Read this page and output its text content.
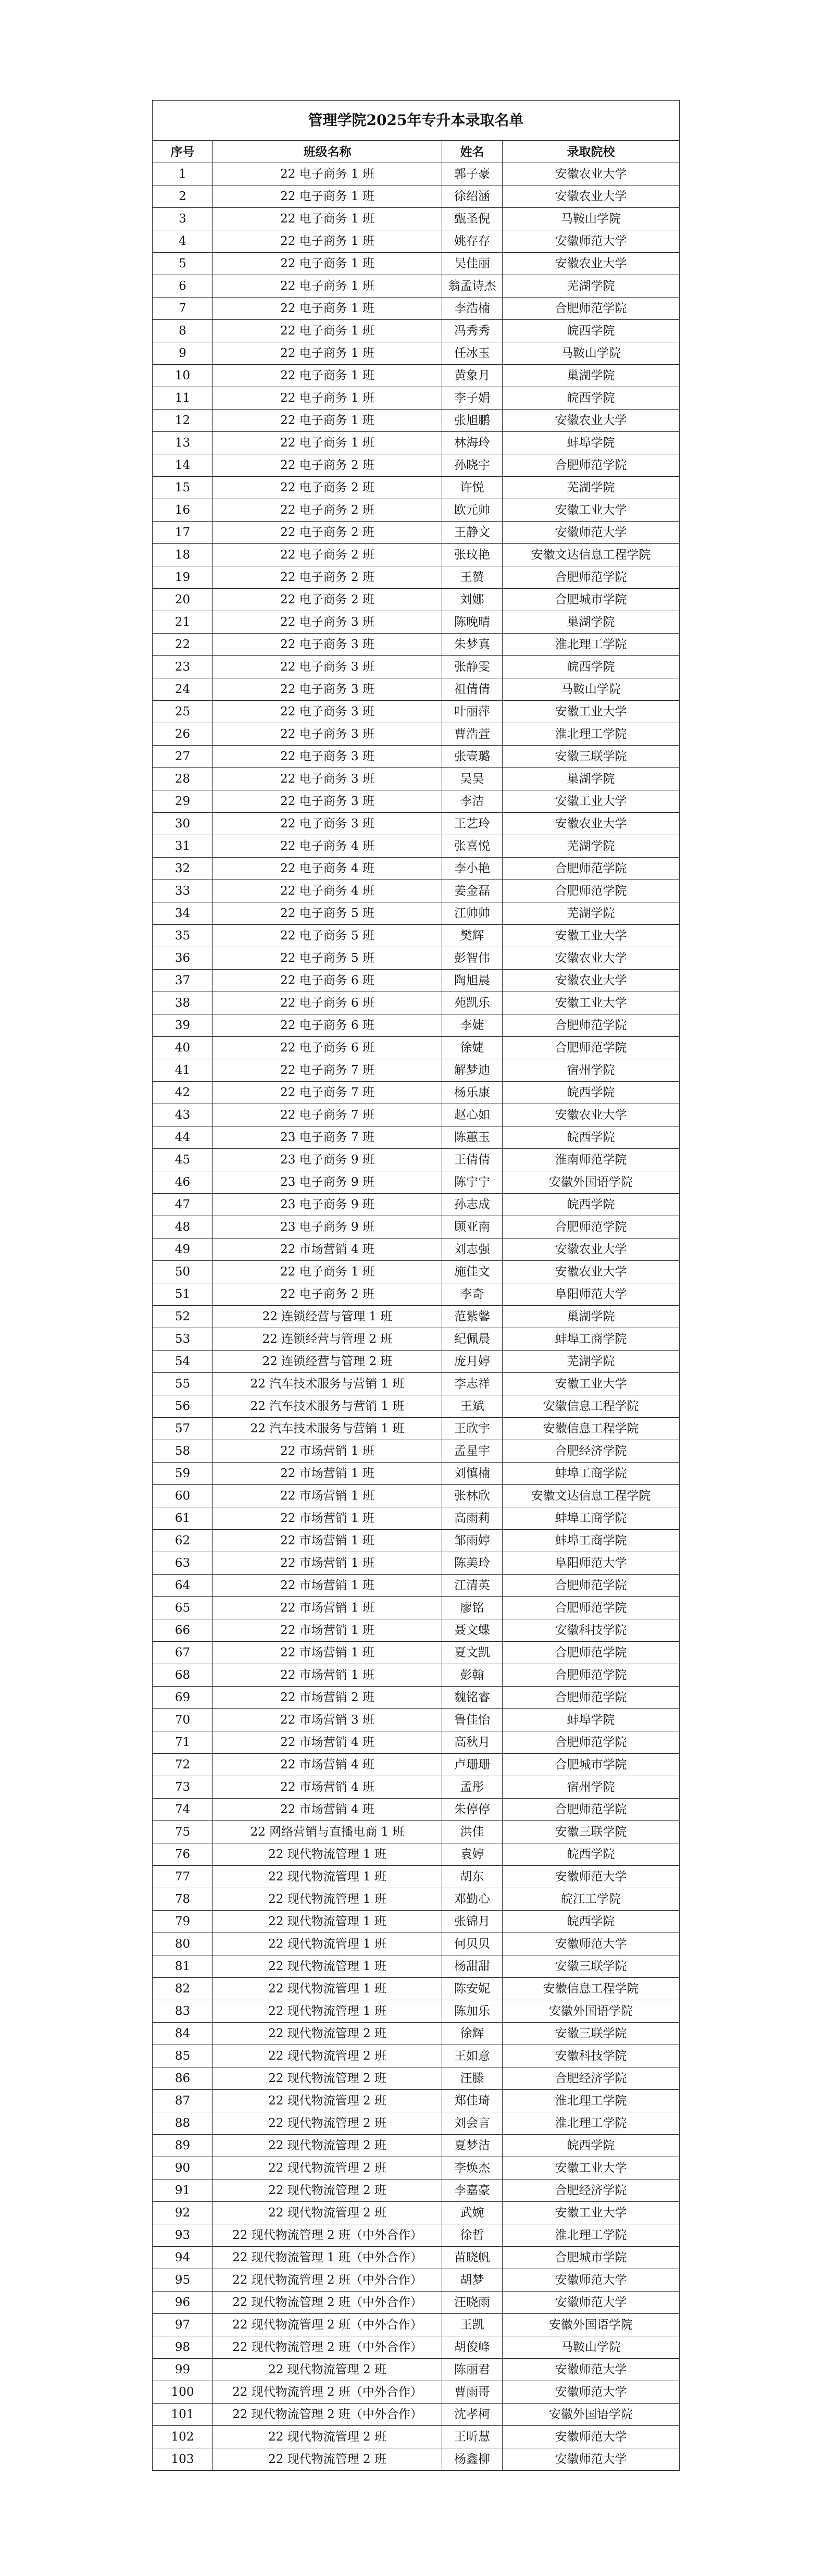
管理学院2025年专升本录取名单
序号	班级名称	姓名	录取院校
1	22 电子商务 1 班	郭子豪	安徽农业大学
2	22 电子商务 1 班	徐绍涵	安徽农业大学
3	22 电子商务 1 班	甄圣倪	马鞍山学院
4	22 电子商务 1 班	姚存存	安徽师范大学
5	22 电子商务 1 班	吴佳丽	安徽农业大学
6	22 电子商务 1 班	翁孟诗杰	芜湖学院
7	22 电子商务 1 班	李浩楠	合肥师范学院
8	22 电子商务 1 班	冯秀秀	皖西学院
9	22 电子商务 1 班	任冰玉	马鞍山学院
10	22 电子商务 1 班	黄象月	巢湖学院
11	22 电子商务 1 班	李子娟	皖西学院
12	22 电子商务 1 班	张旭鹏	安徽农业大学
13	22 电子商务 1 班	林海玲	蚌埠学院
14	22 电子商务 2 班	孙晓宇	合肥师范学院
15	22 电子商务 2 班	许悦	芜湖学院
16	22 电子商务 2 班	欧元帅	安徽工业大学
17	22 电子商务 2 班	王静文	安徽师范大学
18	22 电子商务 2 班	张玟艳	安徽文达信息工程学院
19	22 电子商务 2 班	王赞	合肥师范学院
20	22 电子商务 2 班	刘娜	合肥城市学院
21	22 电子商务 3 班	陈晚晴	巢湖学院
22	22 电子商务 3 班	朱梦真	淮北理工学院
23	22 电子商务 3 班	张静雯	皖西学院
24	22 电子商务 3 班	祖倩倩	马鞍山学院
25	22 电子商务 3 班	叶丽萍	安徽工业大学
26	22 电子商务 3 班	曹浩萱	淮北理工学院
27	22 电子商务 3 班	张壹璐	安徽三联学院
28	22 电子商务 3 班	吴昊	巢湖学院
29	22 电子商务 3 班	李洁	安徽工业大学
30	22 电子商务 3 班	王艺玲	安徽农业大学
31	22 电子商务 4 班	张喜悦	芜湖学院
32	22 电子商务 4 班	李小艳	合肥师范学院
33	22 电子商务 4 班	姜金磊	合肥师范学院
34	22 电子商务 5 班	江帅帅	芜湖学院
35	22 电子商务 5 班	樊辉	安徽工业大学
36	22 电子商务 5 班	彭智伟	安徽农业大学
37	22 电子商务 6 班	陶旭晨	安徽农业大学
38	22 电子商务 6 班	苑凯乐	安徽工业大学
39	22 电子商务 6 班	李婕	合肥师范学院
40	22 电子商务 6 班	徐婕	合肥师范学院
41	22 电子商务 7 班	解梦迪	宿州学院
42	22 电子商务 7 班	杨乐康	皖西学院
43	22 电子商务 7 班	赵心如	安徽农业大学
44	23 电子商务 7 班	陈蕙玉	皖西学院
45	23 电子商务 9 班	王倩倩	淮南师范学院
46	23 电子商务 9 班	陈宁宁	安徽外国语学院
47	23 电子商务 9 班	孙志成	皖西学院
48	23 电子商务 9 班	顾亚南	合肥师范学院
49	22 市场营销 4 班	刘志强	安徽农业大学
50	22 电子商务 1 班	施佳文	安徽农业大学
51	22 电子商务 2 班	李奇	阜阳师范大学
52	22 连锁经营与管理 1 班	范紫馨	巢湖学院
53	22 连锁经营与管理 2 班	纪佩晨	蚌埠工商学院
54	22 连锁经营与管理 2 班	庞月婷	芜湖学院
55	22 汽车技术服务与营销 1 班	李志祥	安徽工业大学
56	22 汽车技术服务与营销 1 班	王斌	安徽信息工程学院
57	22 汽车技术服务与营销 1 班	王欣宇	安徽信息工程学院
58	22 市场营销 1 班	孟星宇	合肥经济学院
59	22 市场营销 1 班	刘慎楠	蚌埠工商学院
60	22 市场营销 1 班	张林欣	安徽文达信息工程学院
61	22 市场营销 1 班	高雨莉	蚌埠工商学院
62	22 市场营销 1 班	邹雨婷	蚌埠工商学院
63	22 市场营销 1 班	陈美玲	阜阳师范大学
64	22 市场营销 1 班	江清英	合肥师范学院
65	22 市场营销 1 班	廖铭	合肥师范学院
66	22 市场营销 1 班	聂文蝶	安徽科技学院
67	22 市场营销 1 班	夏文凯	合肥师范学院
68	22 市场营销 1 班	彭翰	合肥师范学院
69	22 市场营销 2 班	魏铭睿	合肥师范学院
70	22 市场营销 3 班	鲁佳怡	蚌埠学院
71	22 市场营销 4 班	高秋月	合肥师范学院
72	22 市场营销 4 班	卢珊珊	合肥城市学院
73	22 市场营销 4 班	孟彤	宿州学院
74	22 市场营销 4 班	朱停停	合肥师范学院
75	22 网络营销与直播电商 1 班	洪佳	安徽三联学院
76	22 现代物流管理 1 班	袁婷	皖西学院
77	22 现代物流管理 1 班	胡东	安徽师范大学
78	22 现代物流管理 1 班	邓勤心	皖江工学院
79	22 现代物流管理 1 班	张锦月	皖西学院
80	22 现代物流管理 1 班	何贝贝	安徽师范大学
81	22 现代物流管理 1 班	杨甜甜	安徽三联学院
82	22 现代物流管理 1 班	陈安妮	安徽信息工程学院
83	22 现代物流管理 1 班	陈加乐	安徽外国语学院
84	22 现代物流管理 2 班	徐辉	安徽三联学院
85	22 现代物流管理 2 班	王如意	安徽科技学院
86	22 现代物流管理 2 班	汪滕	合肥经济学院
87	22 现代物流管理 2 班	郑佳琦	淮北理工学院
88	22 现代物流管理 2 班	刘会言	淮北理工学院
89	22 现代物流管理 2 班	夏梦洁	皖西学院
90	22 现代物流管理 2 班	李焕杰	安徽工业大学
91	22 现代物流管理 2 班	李嘉豪	合肥经济学院
92	22 现代物流管理 2 班	武婉	安徽工业大学
93	22 现代物流管理 2 班（中外合作）	徐哲	淮北理工学院
94	22 现代物流管理 1 班（中外合作）	苗晓帆	合肥城市学院
95	22 现代物流管理 2 班（中外合作）	胡梦	安徽师范大学
96	22 现代物流管理 2 班（中外合作）	汪晓雨	安徽师范大学
97	22 现代物流管理 2 班（中外合作）	王凯	安徽外国语学院
98	22 现代物流管理 2 班（中外合作）	胡俊峰	马鞍山学院
99	22 现代物流管理 2 班	陈丽君	安徽师范大学
100	22 现代物流管理 2 班（中外合作）	曹雨哥	安徽师范大学
101	22 现代物流管理 2 班（中外合作）	沈孝柯	安徽外国语学院
102	22 现代物流管理 2 班	王昕慧	安徽师范大学
103	22 现代物流管理 2 班	杨鑫柳	安徽师范大学
